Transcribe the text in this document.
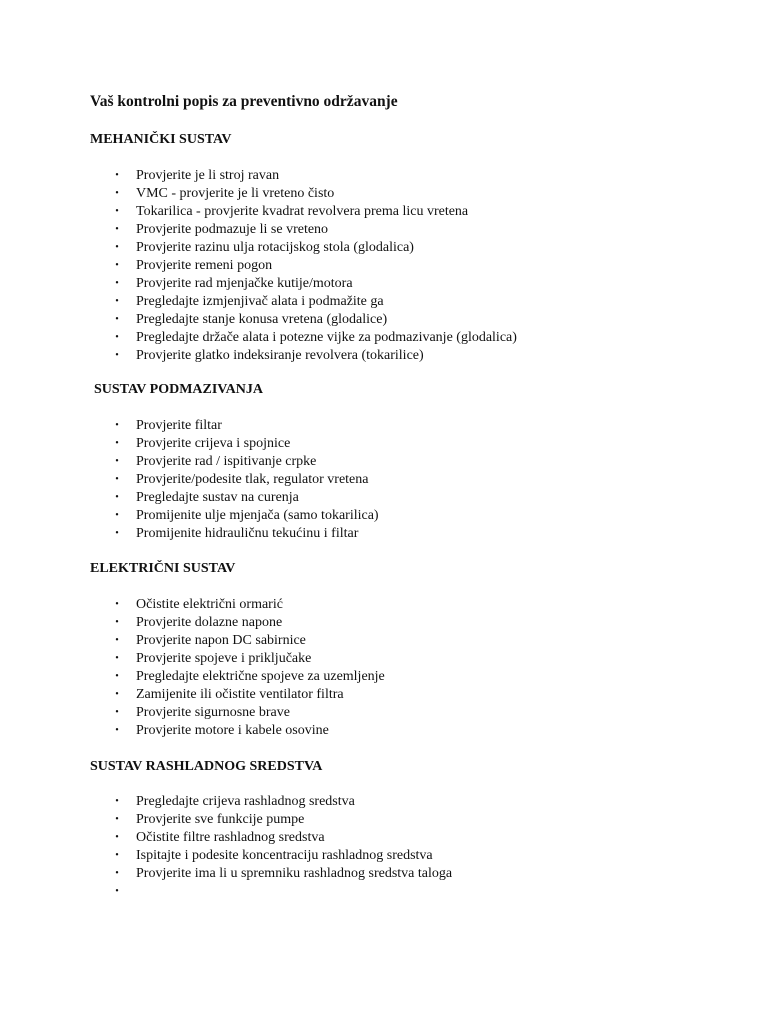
Vaš kontrolni popis za preventivno održavanje
MEHANIČKI SUSTAV
• Provjerite je li stroj ravan
• VMC - provjerite je li vreteno čisto
• Tokarilica - provjerite kvadrat revolvera prema licu vretena
• Provjerite podmazuje li se vreteno
• Provjerite razinu ulja rotacijskog stola (glodalica)
• Provjerite remeni pogon
• Provjerite rad mjenjačke kutije/motora
• Pregledajte izmjenjivač alata i podmažite ga
• Pregledajte stanje konusa vretena (glodalice)
• Pregledajte držače alata i potezne vijke za podmazivanje (glodalica)
• Provjerite glatko indeksiranje revolvera (tokarilice)
SUSTAV PODMAZIVANJA
• Provjerite filtar
• Provjerite crijeva i spojnice
• Provjerite rad / ispitivanje crpke
• Provjerite/podesite tlak, regulator vretena
• Pregledajte sustav na curenja
• Promijenite ulje mjenjača (samo tokarilica)
• Promijenite hidrauličnu tekućinu i filtar
ELEKTRIČNI SUSTAV
• Očistite električni ormarić
• Provjerite dolazne napone
• Provjerite napon DC sabirnice
• Provjerite spojeve i priključake
• Pregledajte električne spojeve za uzemljenje
• Zamijenite ili očistite ventilator filtra
• Provjerite sigurnosne brave
• Provjerite motore i kabele osovine
SUSTAV RASHLADNOG SREDSTVA
• Pregledajte crijeva rashladnog sredstva
• Provjerite sve funkcije pumpe
• Očistite filtre rashladnog sredstva
• Ispitajte i podesite koncentraciju rashladnog sredstva
• Provjerite ima li u spremniku rashladnog sredstva taloga
•
